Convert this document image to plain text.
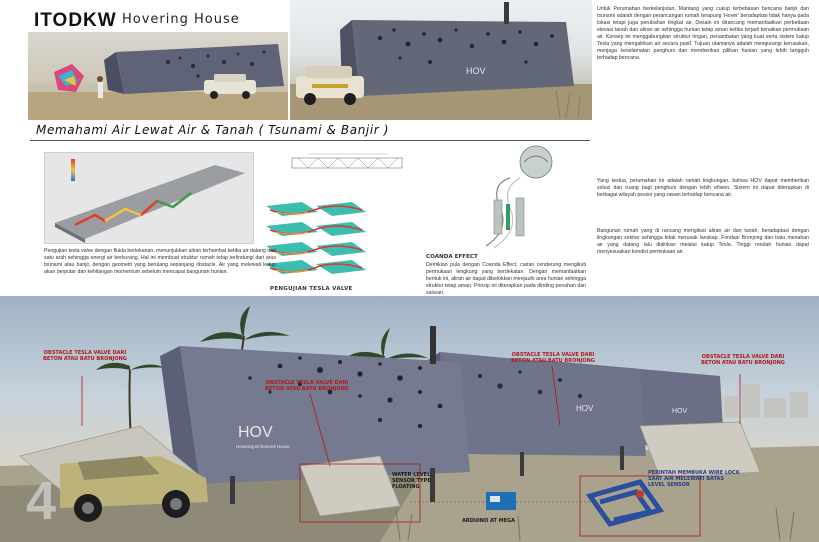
ITODKW Hovering House
HOV
Memahami Air Lewat Air & Tanah ( Tsunami & Banjir )
Untuk Perumahan berkelanjutan, Mantang yang cukup terbebasan bencana banjir dan tsunami adalah dengan perancangan rumah terapung 'Hover' beradaptasi tidak hanya pada lokasi tetapi juga perubahan tingkat air. Desain ini dirancang memanfaatkan perbedaan elevasi tanah dan aliran air sehingga hunian tetap aman ketika terjadi kenaikan permukaan air. Konsep ini menggabungkan struktur ringan, penambatan yang kuat serta sistem katup Tesla yang mengalirkan air secara pasif. Tujuan utamanya adalah mengurangi kerusakan, menjaga keselamatan penghuni dan memberikan pilihan hunian yang lebih tangguh terhadap bencana.
Yang kedua, perumahan ini adalah ramah lingkungan, bahwa HOV dapat memberikan solusi dan ruang bagi penghuni dengan lebih efisien. Sistem ini dapat diterapkan di berbagai wilayah pesisir yang rawan terhadap bencana air.
Bangunan rumah yang di rancang mengikuti aliran air dan tanah, beradaptasi dengan lingkungan sekitar sehingga tidak merusak lanskap. Fondasi Bronjong dan batu menahan air yang datang lalu dialirkan melalui katup Tesla. Tinggi rendah hunian dapat menyesuaikan kondisi permukaan air.
Pengujian tesla valve dengan fluida bertekanan, menunjukkan aliran terhambat ketika air datang dari satu arah sehingga energi air berkurang. Hal ini membuat struktur rumah tetap terlindungi dari arus tsunami atau banjir, dengan geometri yang berulang sepanjang obstacle. Air yang melewati katup akan berputar dan kehilangan momentum sebelum mencapai bangunan hunian.
PENGUJIAN TESLA VALVE
COANDA EFFECT
Demikian pula dengan Coanda Effect, cairan cenderung mengikuti permukaan lengkung yang berdekatan. Dengan memanfaatkan bentuk ini, aliran air dapat dibelokkan menjauhi area hunian sehingga struktur tetap aman. Prinsip ini diterapkan pada dinding penahan dan saluran.
HOV
Hovering Enhanced House
HOV	HOV
OBSTACLE TESLA VALVE DARI BETON ATAU BATU BRONJONG
OBSTACLE TESLA VALVE DARI BETON ATAU BATU BRONJONG
OBSTACLE TESLA VALVE DARI BETON ATAU BATU BRONJONG
OBSTACLE TESLA VALVE DARI BETON ATAU BATU BRONJONG
WATER LEVEL SENSOR TYPE FLOATING
ARDUINO AT MEGA
PERINTAH MEMBUKA WIRE LOCK SAAT AIR MELEWATI BATAS LEVEL SENSOR
4
